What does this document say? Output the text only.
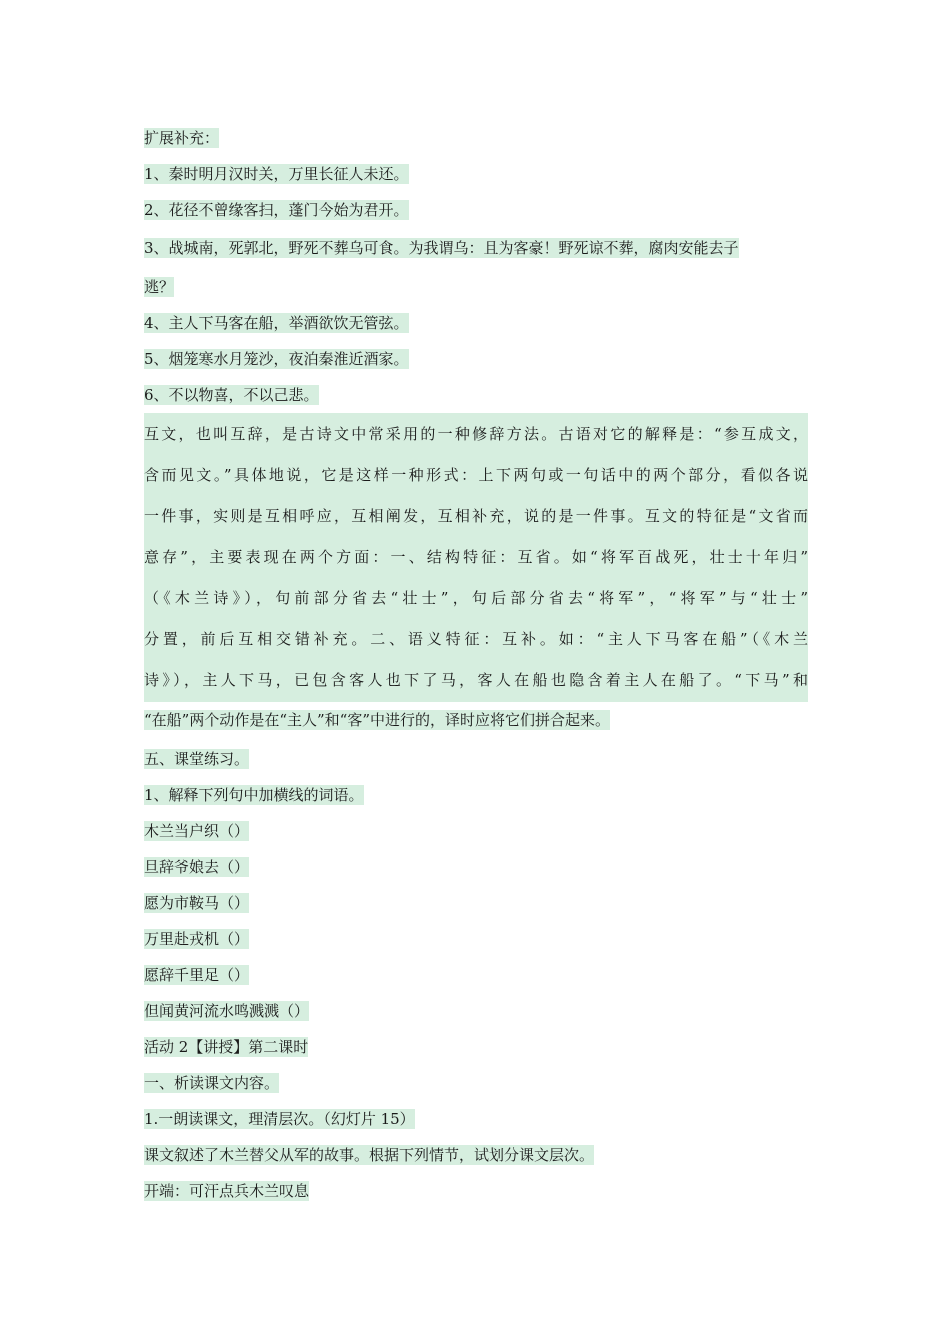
扩展补充：
1、秦时明月汉时关，万里长征人未还。
2、花径不曾缘客扫，蓬门今始为君开。
3、战城南，死郭北，野死不葬乌可食。为我谓乌：且为客豪！野死谅不葬，腐肉安能去子
逃？
4、主人下马客在船，举酒欲饮无管弦。
5、烟笼寒水月笼沙，夜泊秦淮近酒家。
6、不以物喜，不以己悲。
互文，也叫互辞，是古诗文中常采用的一种修辞方法。古语对它的解释是：“参互成文，
含而见文。”具体地说，它是这样一种形式：上下两句或一句话中的两个部分，看似各说
一件事，实则是互相呼应，互相阐发，互相补充，说的是一件事。互文的特征是“文省而
意存”，主要表现在两个方面：一、结构特征：互省。如“将军百战死，壮士十年归”
（《木兰诗》），句前部分省去“壮士”，句后部分省去“将军”，“将军”与“壮士”
分置，前后互相交错补充。二、语义特征：互补。如：“主人下马客在船”（《木兰
诗》），主人下马，已包含客人也下了马，客人在船也隐含着主人在船了。“下马”和
“在船”两个动作是在“主人”和“客”中进行的，译时应将它们拼合起来。
五、课堂练习。
1、解释下列句中加横线的词语。
木兰当户织（）
旦辞爷娘去（）
愿为市鞍马（）
万里赴戎机（）
愿辞千里足（）
但闻黄河流水鸣溅溅（）
活动 2【讲授】第二课时
一、析读课文内容。
1.一朗读课文，理清层次。（幻灯片 15）
课文叙述了木兰替父从军的故事。根据下列情节，试划分课文层次。
开端：可汗点兵木兰叹息
